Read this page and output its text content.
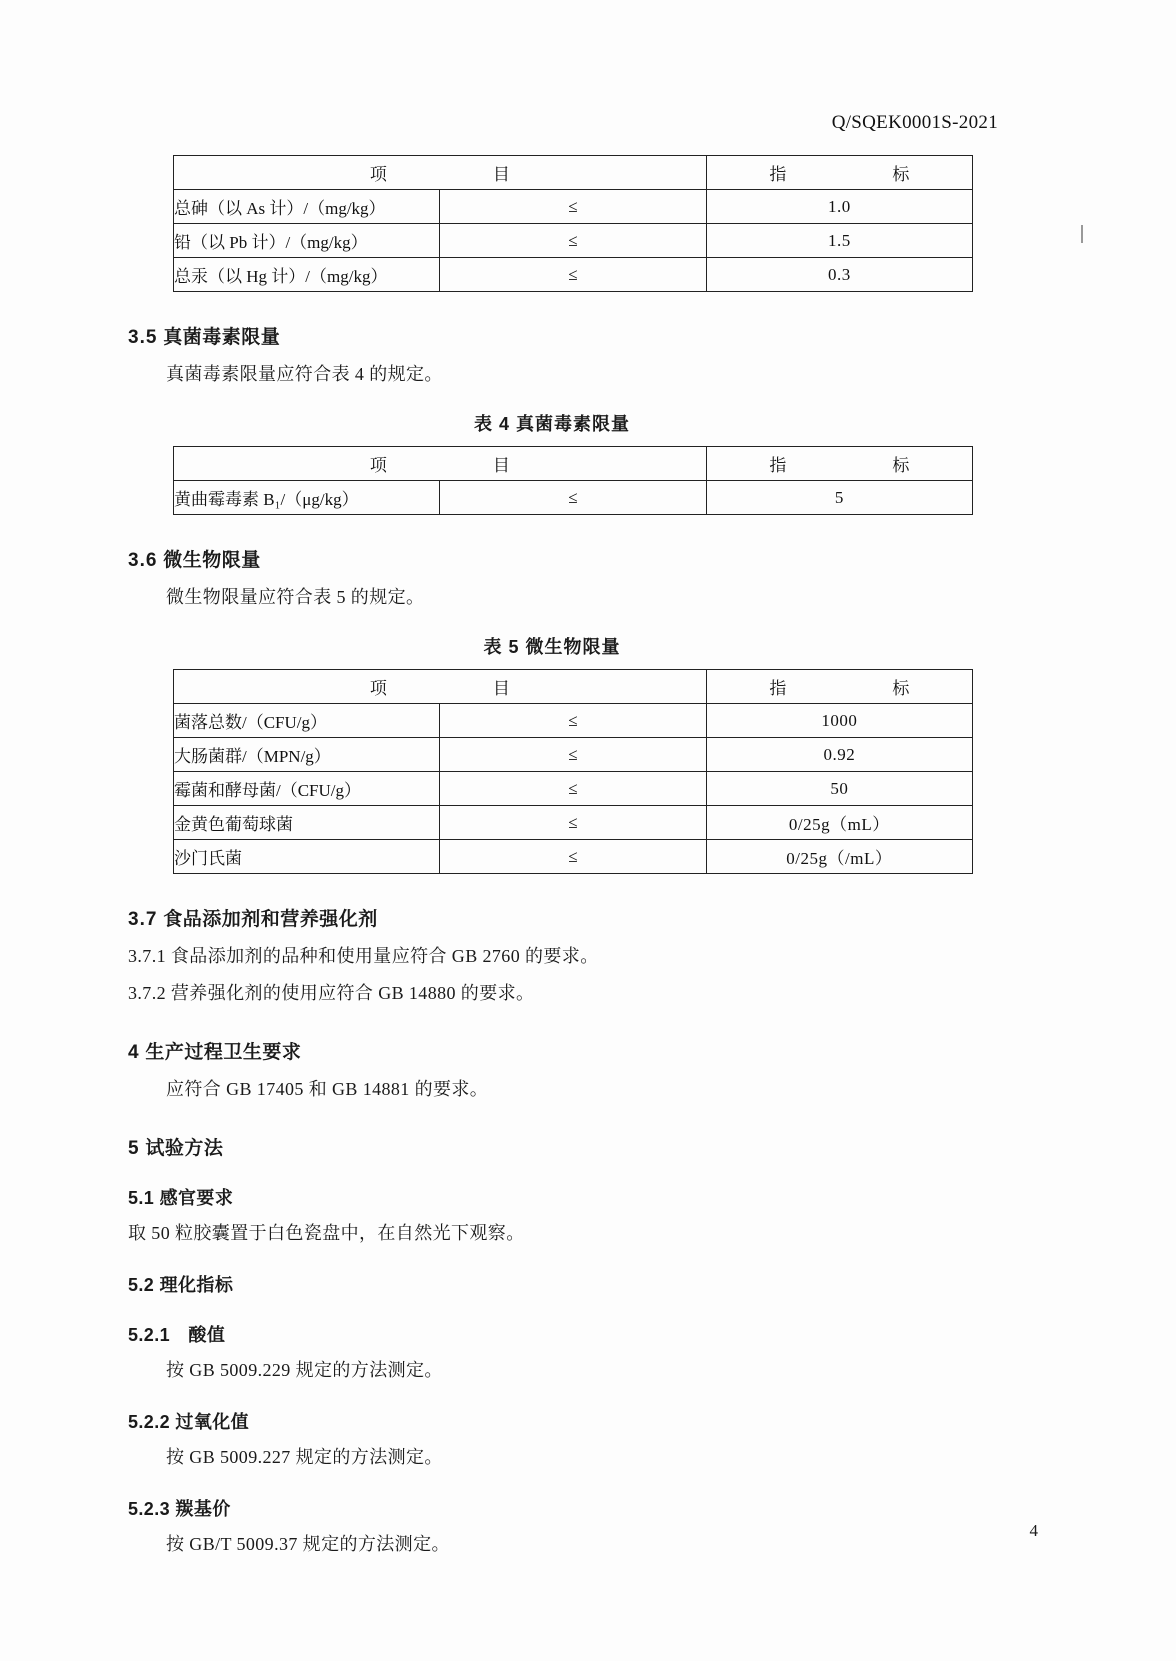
Q/SQEK0001S-2021
项　　目		指　　标
总砷（以 As 计）/（mg/kg）	≤	1.0
铅（以 Pb 计）/（mg/kg）	≤	1.5
总汞（以 Hg 计）/（mg/kg）	≤	0.3
3.5 真菌毒素限量
真菌毒素限量应符合表 4 的规定。
表 4 真菌毒素限量
项　　目		指　　标
黄曲霉毒素 B₁/（μg/kg）	≤	5
3.6 微生物限量
微生物限量应符合表 5 的规定。
表 5 微生物限量
项　　目		指　　标
菌落总数/（CFU/g）	≤	1000
大肠菌群/（MPN/g）	≤	0.92
霉菌和酵母菌/（CFU/g）	≤	50
金黄色葡萄球菌	≤	0/25g（mL）
沙门氏菌	≤	0/25g（/mL）
3.7 食品添加剂和营养强化剂
3.7.1 食品添加剂的品种和使用量应符合 GB 2760 的要求。
3.7.2 营养强化剂的使用应符合 GB 14880 的要求。
4 生产过程卫生要求
应符合 GB 17405 和 GB 14881 的要求。
5 试验方法
5.1 感官要求
取 50 粒胶囊置于白色瓷盘中，在自然光下观察。
5.2 理化指标
5.2.1　酸值
按 GB 5009.229 规定的方法测定。
5.2.2 过氧化值
按 GB 5009.227 规定的方法测定。
5.2.3 羰基价
按 GB/T 5009.37 规定的方法测定。
4
